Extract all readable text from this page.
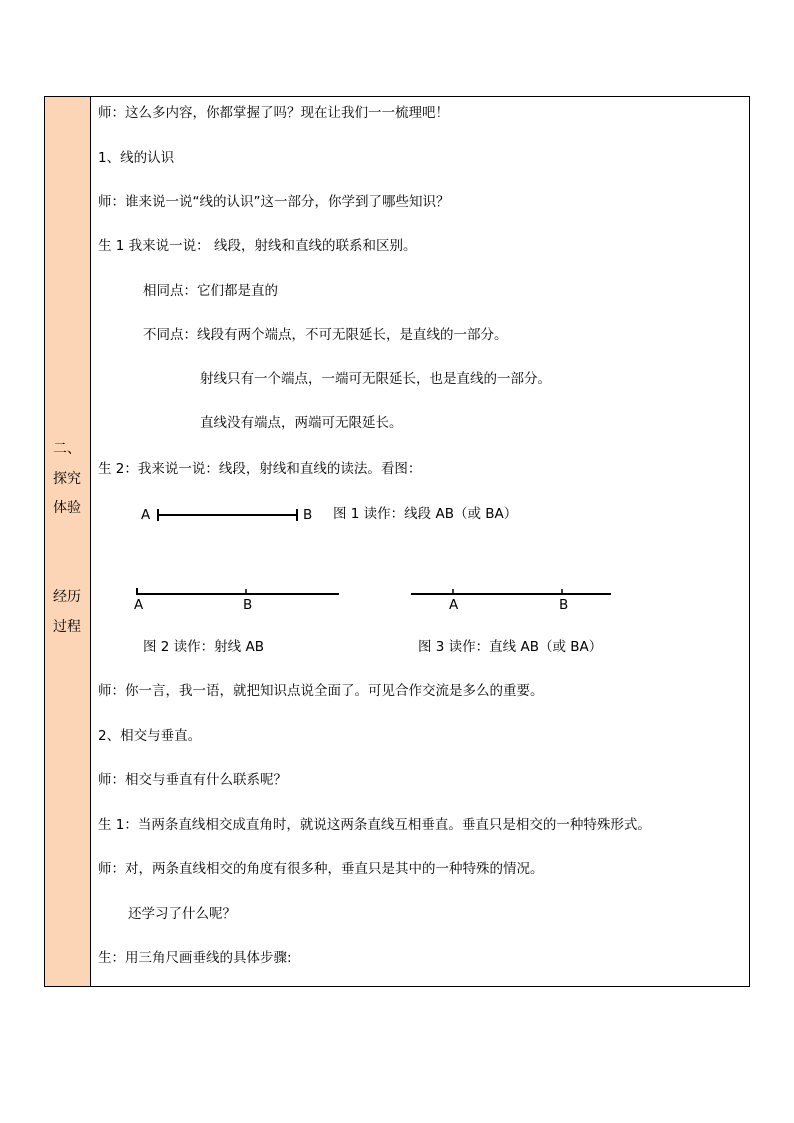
二、
探究
体验
经历
过程
师：这么多内容，你都掌握了吗？现在让我们一一梳理吧！
1、线的认识
师：谁来说一说“线的认识”这一部分，你学到了哪些知识？
生 1 我来说一说： 线段，射线和直线的联系和区别。
相同点：它们都是直的
不同点：线段有两个端点，不可无限延长，是直线的一部分。
射线只有一个端点，一端可无限延长，也是直线的一部分。
直线没有端点，两端可无限延长。
生 2：我来说一说：线段，射线和直线的读法。看图：
A	B 图 1 读作：线段 AB（或 BA）
A	B
图 2 读作：射线 AB
A	B
图 3 读作：直线 AB（或 BA）
师：你一言，我一语，就把知识点说全面了。可见合作交流是多么的重要。
2、相交与垂直。
师：相交与垂直有什么联系呢？
生 1：当两条直线相交成直角时，就说这两条直线互相垂直。垂直只是相交的一种特殊形式。
师：对，两条直线相交的角度有很多种，垂直只是其中的一种特殊的情况。
还学习了什么呢？
生：用三角尺画垂线的具体步骤:
